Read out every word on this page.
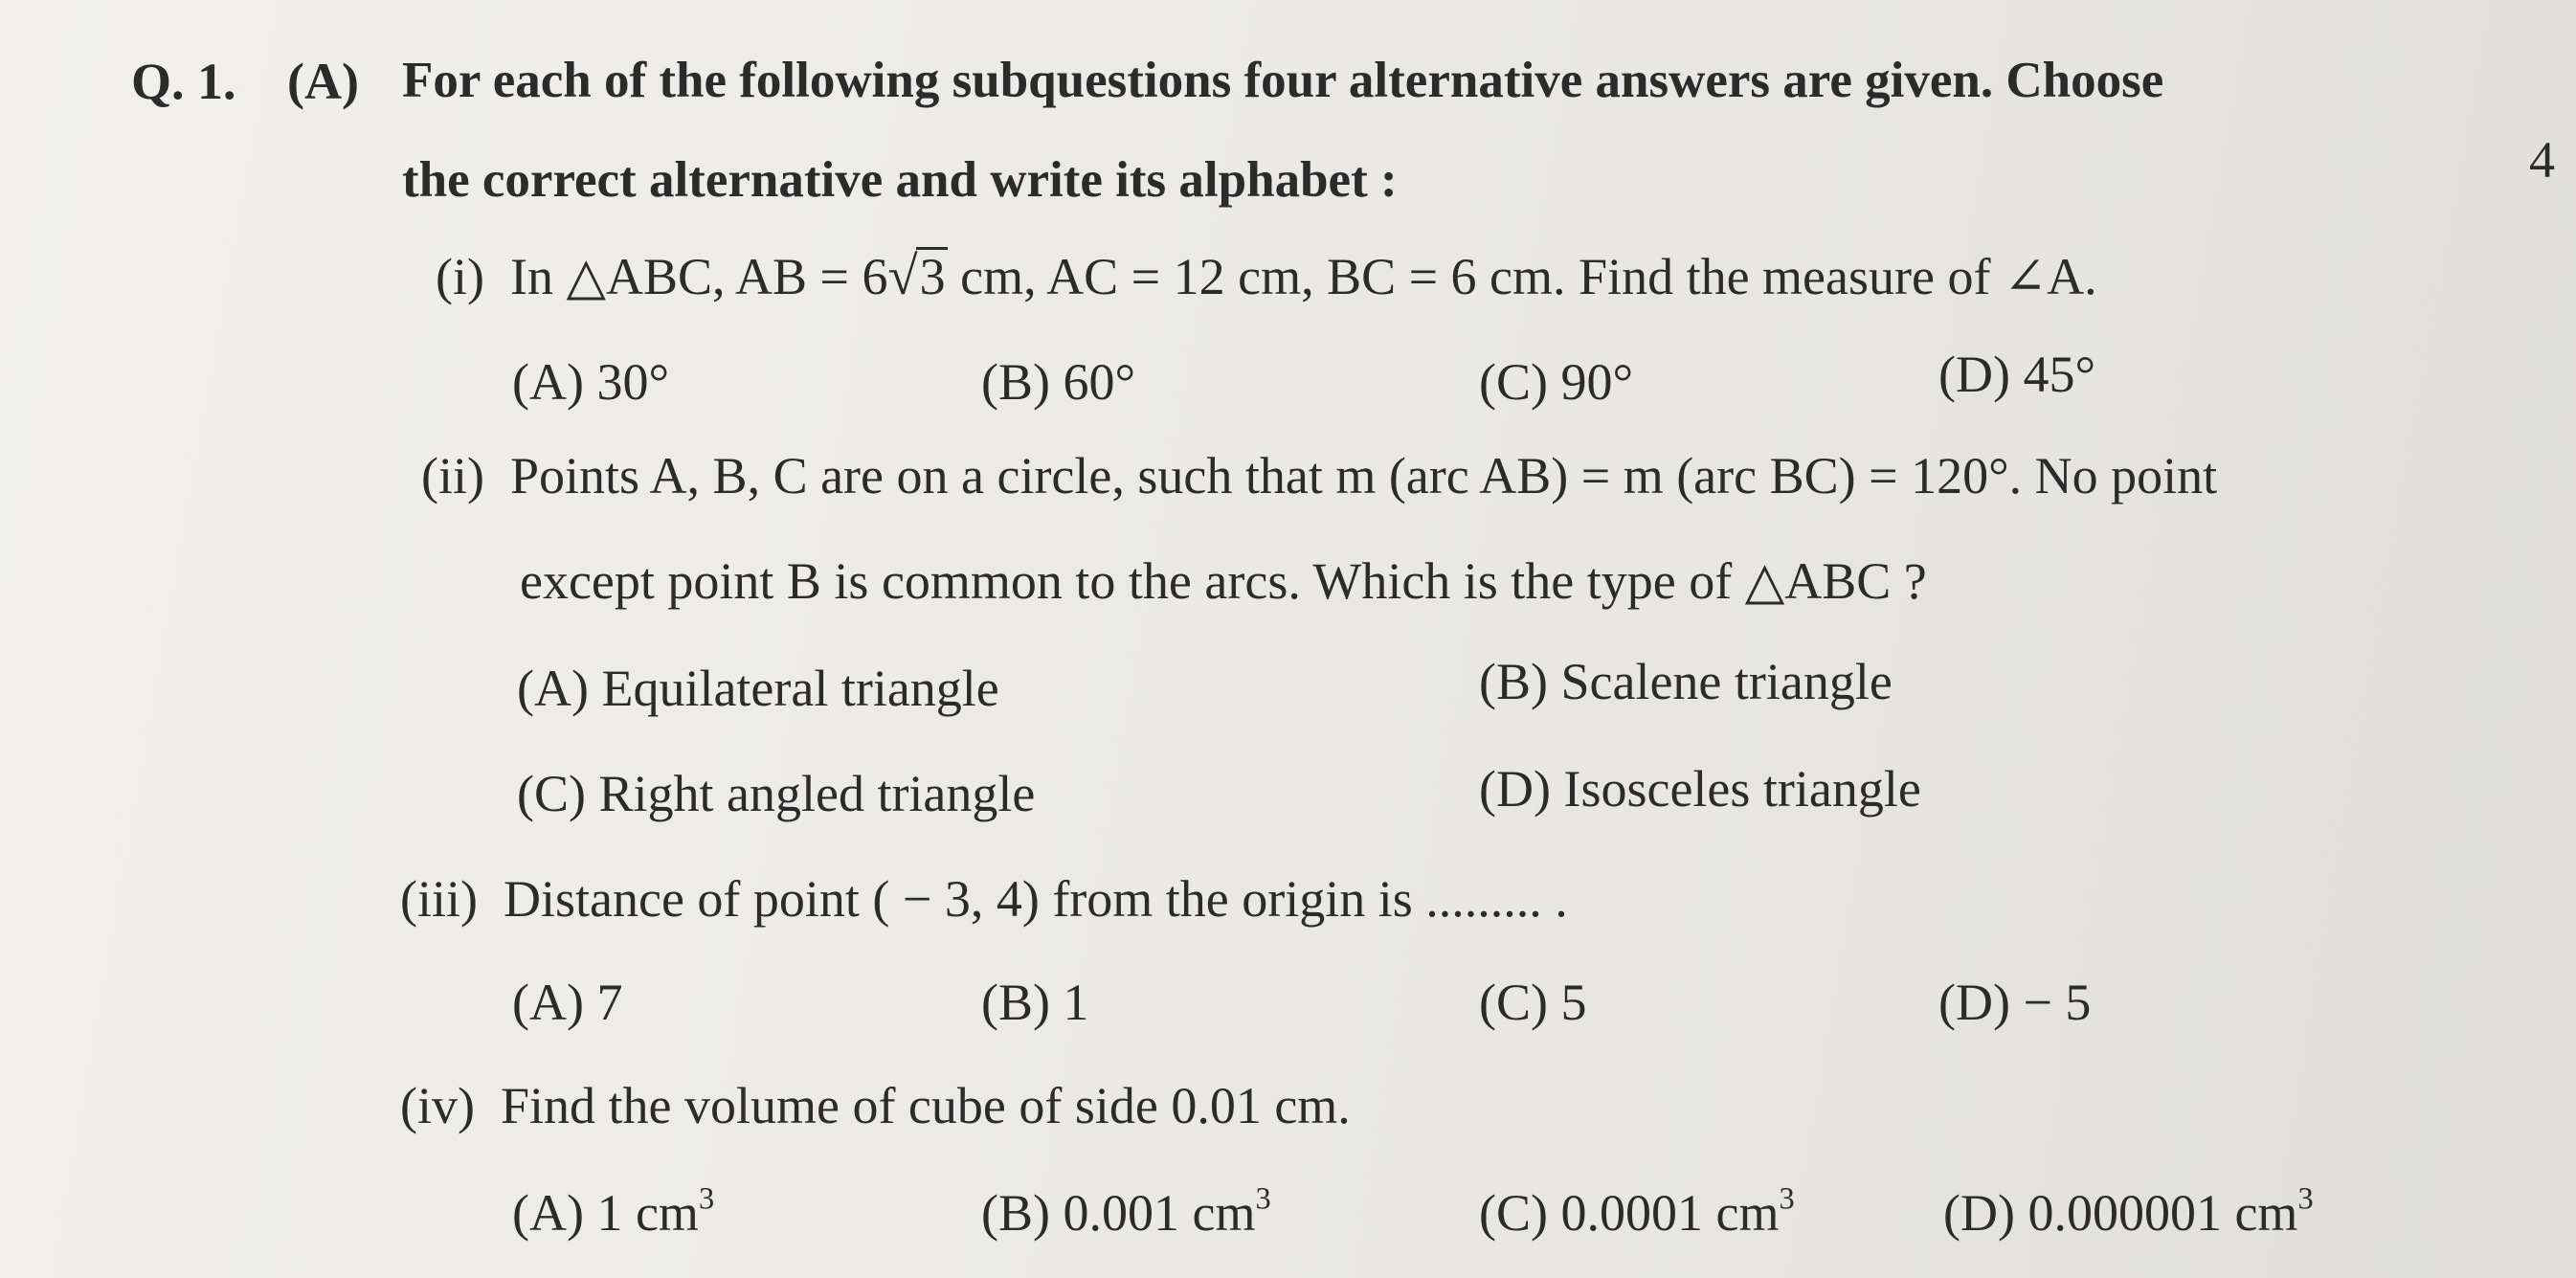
Q. 1. (A) For each of the following subquestions four alternative answers are given. Choose
the correct alternative and write its alphabet :	4
(i) In △ABC, AB = 6√3 cm, AC = 12 cm, BC = 6 cm. Find the measure of ∠A.
(A) 30°	(B) 60°	(C) 90°	(D) 45°
(ii) Points A, B, C are on a circle, such that m (arc AB) = m (arc BC) = 120°. No point
except point B is common to the arcs. Which is the type of △ABC ?
(A) Equilateral triangle	(B) Scalene triangle
(C) Right angled triangle	(D) Isosceles triangle
(iii) Distance of point ( − 3, 4) from the origin is ......... .
(A) 7	(B) 1	(C) 5	(D) − 5
(iv) Find the volume of cube of side 0.01 cm.
(A) 1 $cm^3$	(B) 0.001 $cm^3$	(C) 0.0001 $cm^3$	(D) 0.000001 $cm^3$
